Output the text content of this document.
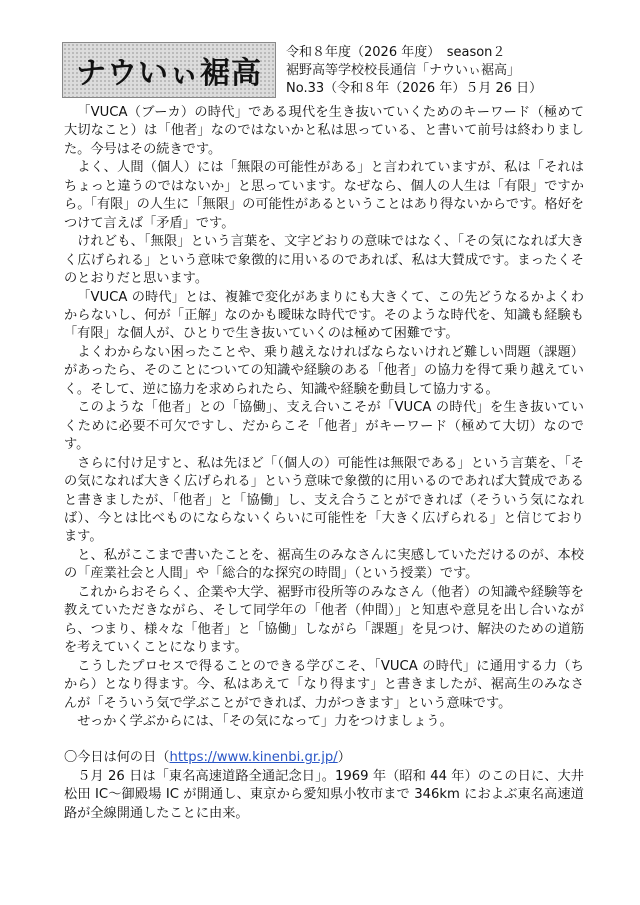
ナウいぃ裾高
令和８年度（2026 年度）　season２
裾野高等学校校長通信「ナウいぃ裾高」
No.33（令和８年（2026 年）５月 26 日）

「VUCA（ブーカ）の時代」である現代を生き抜いていくためのキーワード（極めて大切なこと）は「他者」なのではないかと私は思っている、と書いて前号は終わりました。今号はその続きです。

よく、人間（個人）には「無限の可能性がある」と言われていますが、私は「それはちょっと違うのではないか」と思っています。なぜなら、個人の人生は「有限」ですから。「有限」の人生に「無限」の可能性があるということはあり得ないからです。格好をつけて言えば「矛盾」です。

けれども、「無限」という言葉を、文字どおりの意味ではなく、「その気になれば大きく広げられる」という意味で象徴的に用いるのであれば、私は大賛成です。まったくそのとおりだと思います。

「VUCA の時代」とは、複雑で変化があまりにも大きくて、この先どうなるかよくわからないし、何が「正解」なのかも曖昧な時代です。そのような時代を、知識も経験も「有限」な個人が、ひとりで生き抜いていくのは極めて困難です。

よくわからない困ったことや、乗り越えなければならないけれど難しい問題（課題）があったら、そのことについての知識や経験のある「他者」の協力を得て乗り越えていく。そして、逆に協力を求められたら、知識や経験を動員して協力する。

このような「他者」との「協働」、支え合いこそが「VUCA の時代」を生き抜いていくために必要不可欠ですし、だからこそ「他者」がキーワード（極めて大切）なのです。

さらに付け足すと、私は先ほど「（個人の）可能性は無限である」という言葉を、「その気になれば大きく広げられる」という意味で象徴的に用いるのであれば大賛成であると書きましたが、「他者」と「協働」し、支え合うことができれば（そういう気になれば）、今とは比べものにならないくらいに可能性を「大きく広げられる」と信じております。

と、私がここまで書いたことを、裾高生のみなさんに実感していただけるのが、本校の「産業社会と人間」や「総合的な探究の時間」（という授業）です。

これからおそらく、企業や大学、裾野市役所等のみなさん（他者）の知識や経験等を教えていただきながら、そして同学年の「他者（仲間）」と知恵や意見を出し合いながら、つまり、様々な「他者」と「協働」しながら「課題」を見つけ、解決のための道筋を考えていくことになります。

こうしたプロセスで得ることのできる学びこそ、「VUCA の時代」に通用する力（ちから）となり得ます。今、私はあえて「なり得ます」と書きましたが、裾高生のみなさんが「そういう気で学ぶことができれば、力がつきます」という意味です。

せっかく学ぶからには、「その気になって」力をつけましょう。

〇今日は何の日（https://www.kinenbi.gr.jp/）

５月 26 日は「東名高速道路全通記念日」。1969 年（昭和 44 年）のこの日に、大井松田 IC～御殿場 IC が開通し、東京から愛知県小牧市まで 346km におよぶ東名高速道路が全線開通したことに由来。
